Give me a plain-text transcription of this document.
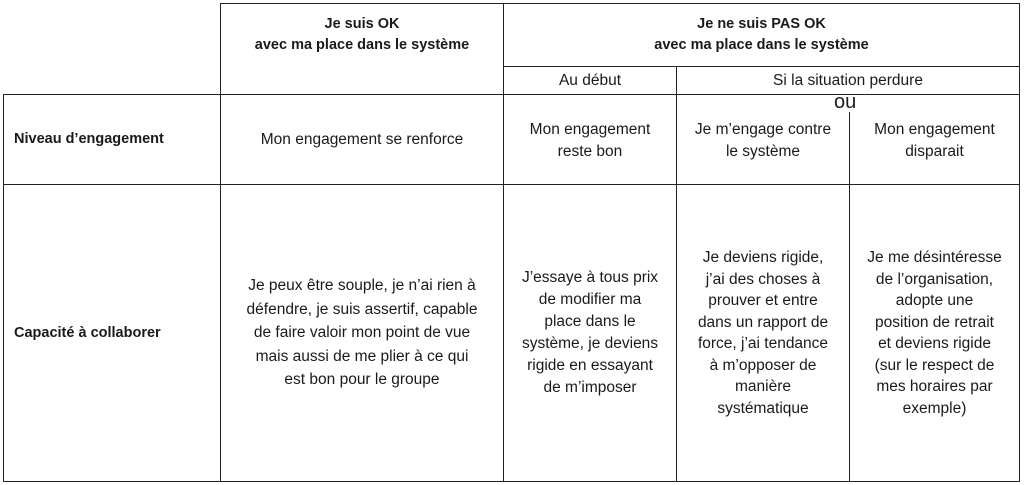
Je suis OK
avec ma place dans le système
Je ne suis PAS OK
avec ma place dans le système
Au début	Si la situation perdure
ou
Niveau d’engagement	Mon engagement se renforce
Mon engagement
reste bon
Je m’engage contre
le système
Mon engagement
disparait
Capacité à collaborer
Je peux être souple, je n’ai rien à
défendre, je suis assertif, capable
de faire valoir mon point de vue
mais aussi de me plier à ce qui
est bon pour le groupe
J’essaye à tous prix
de modifier ma
place dans le
système, je deviens
rigide en essayant
de m’imposer
Je deviens rigide,
j’ai des choses à
prouver et entre
dans un rapport de
force, j’ai tendance
à m’opposer de
manière
systématique
Je me désintéresse
de l’organisation,
adopte une
position de retrait
et deviens rigide
(sur le respect de
mes horaires par
exemple)
